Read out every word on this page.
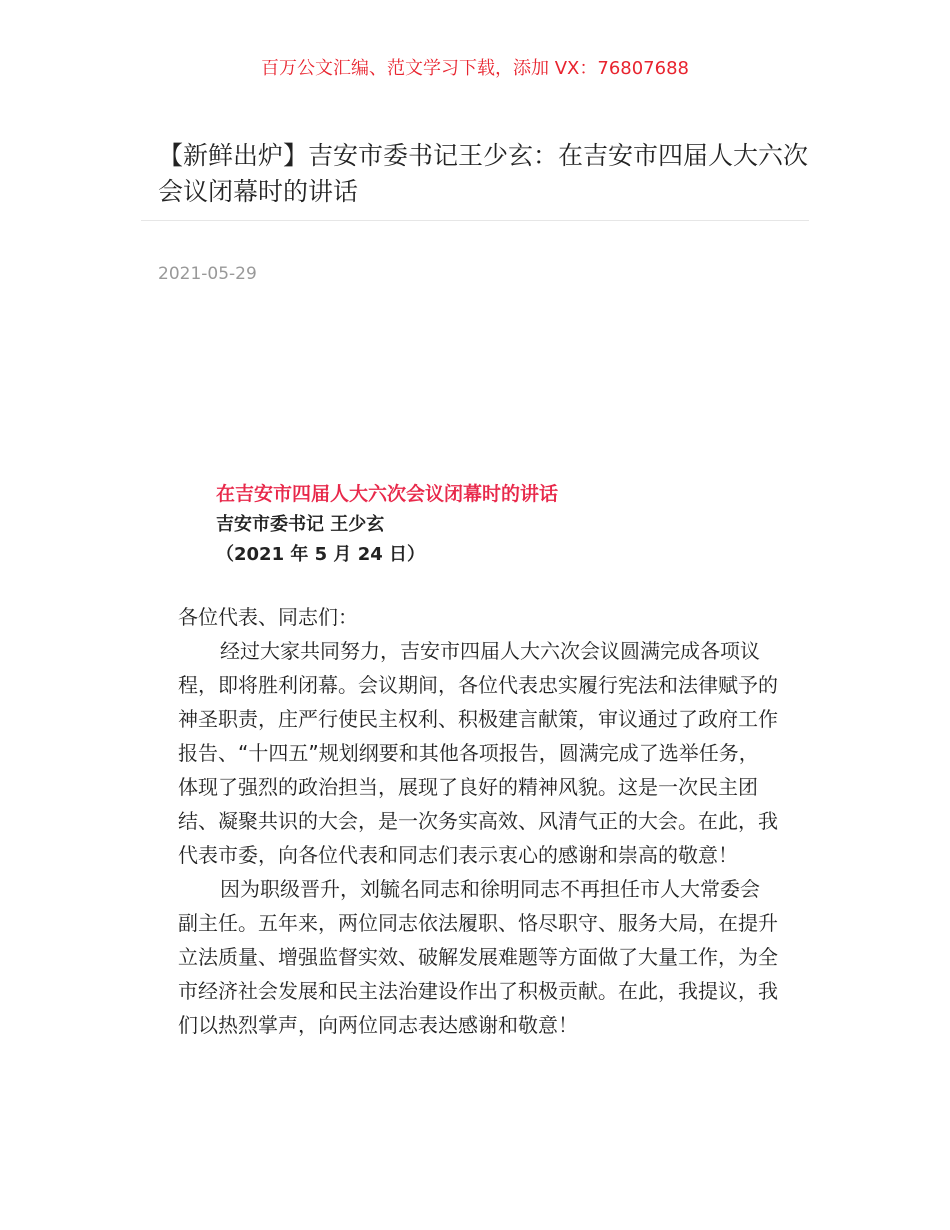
百万公文汇编、范文学习下载，添加 VX：76807688
【新鲜出炉】吉安市委书记王少玄：在吉安市四届人大六次会议闭幕时的讲话
2021-05-29
在吉安市四届人大六次会议闭幕时的讲话
吉安市委书记 王少玄
（2021 年 5 月 24 日）

各位代表、同志们：

经过大家共同努力，吉安市四届人大六次会议圆满完成各项议程，即将胜利闭幕。会议期间，各位代表忠实履行宪法和法律赋予的神圣职责，庄严行使民主权利、积极建言献策，审议通过了政府工作报告、“十四五”规划纲要和其他各项报告，圆满完成了选举任务，体现了强烈的政治担当，展现了良好的精神风貌。这是一次民主团结、凝聚共识的大会，是一次务实高效、风清气正的大会。在此，我代表市委，向各位代表和同志们表示衷心的感谢和崇高的敬意！

因为职级晋升，刘毓名同志和徐明同志不再担任市人大常委会副主任。五年来，两位同志依法履职、恪尽职守、服务大局，在提升立法质量、增强监督实效、破解发展难题等方面做了大量工作，为全市经济社会发展和民主法治建设作出了积极贡献。在此，我提议，我们以热烈掌声，向两位同志表达感谢和敬意！
